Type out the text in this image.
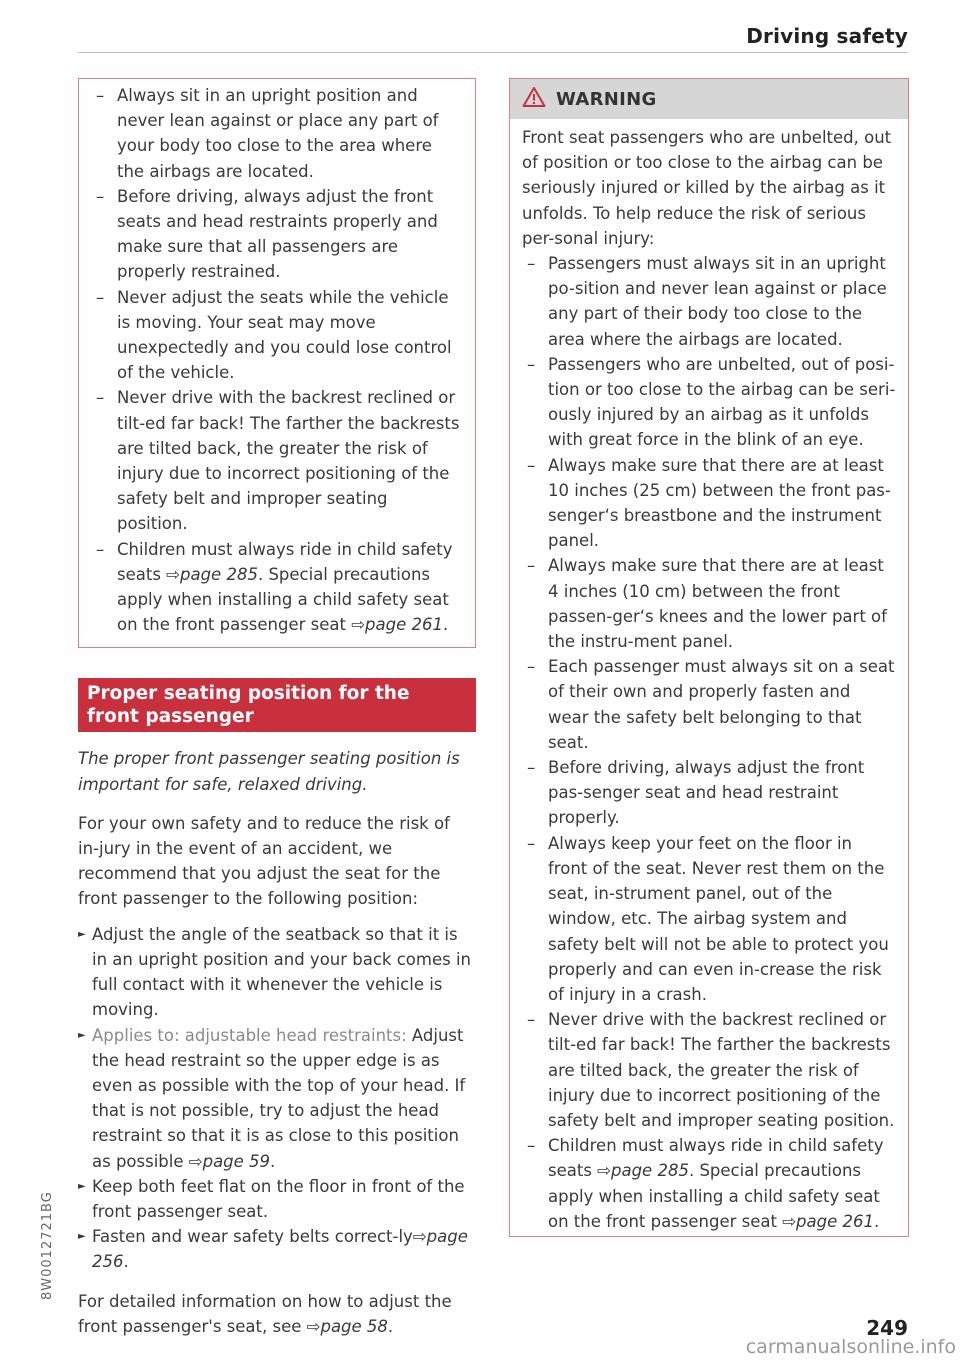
Driving safety
8W0012721BG

– Always sit in an upright position and never lean against or place any part of your body too close to the area where the airbags are located.

– Before driving, always adjust the front seats and head restraints properly and make sure that all passengers are properly restrained.

– Never adjust the seats while the vehicle is moving. Your seat may move unexpectedly and you could lose control of the vehicle.

– Never drive with the backrest reclined or tilt-ed far back! The farther the backrests are tilted back, the greater the risk of injury due to incorrect positioning of the safety belt and improper seating position.

– Children must always ride in child safety seats ⇨page 285. Special precautions apply when installing a child safety seat on the front passenger seat ⇨page 261.

Proper seating position for the front passenger

The proper front passenger seating position is important for safe, relaxed driving.

For your own safety and to reduce the risk of in-jury in the event of an accident, we recommend that you adjust the seat for the front passenger to the following position:

► Adjust the angle of the seatback so that it is in an upright position and your back comes in full contact with it whenever the vehicle is moving.

► Applies to: adjustable head restraints: Adjust the head restraint so the upper edge is as even as possible with the top of your head. If that is not possible, try to adjust the head restraint so that it is as close to this position as possible ⇨page 59.

► Keep both feet flat on the floor in front of the front passenger seat.

► Fasten and wear safety belts correct-ly⇨page 256.

For detailed information on how to adjust the front passenger's seat, see ⇨page 58.

WARNING

Front seat passengers who are unbelted, out of position or too close to the airbag can be seriously injured or killed by the airbag as it unfolds. To help reduce the risk of serious per-sonal injury:

– Passengers must always sit in an upright po-sition and never lean against or place any part of their body too close to the area where the airbags are located.

– Passengers who are unbelted, out of posi-tion or too close to the airbag can be seri-ously injured by an airbag as it unfolds with great force in the blink of an eye.

– Always make sure that there are at least 10 inches (25 cm) between the front pas-senger‘s breastbone and the instrument panel.

– Always make sure that there are at least 4 inches (10 cm) between the front passen-ger‘s knees and the lower part of the instru-ment panel.

– Each passenger must always sit on a seat of their own and properly fasten and wear the safety belt belonging to that seat.

– Before driving, always adjust the front pas-senger seat and head restraint properly.

– Always keep your feet on the floor in front of the seat. Never rest them on the seat, in-strument panel, out of the window, etc. The airbag system and safety belt will not be able to protect you properly and can even in-crease the risk of injury in a crash.

– Never drive with the backrest reclined or tilt-ed far back! The farther the backrests are tilted back, the greater the risk of injury due to incorrect positioning of the safety belt and improper seating position.

– Children must always ride in child safety seats ⇨page 285. Special precautions apply when installing a child safety seat on the front passenger seat ⇨page 261.

249
carmanualsonline.info
